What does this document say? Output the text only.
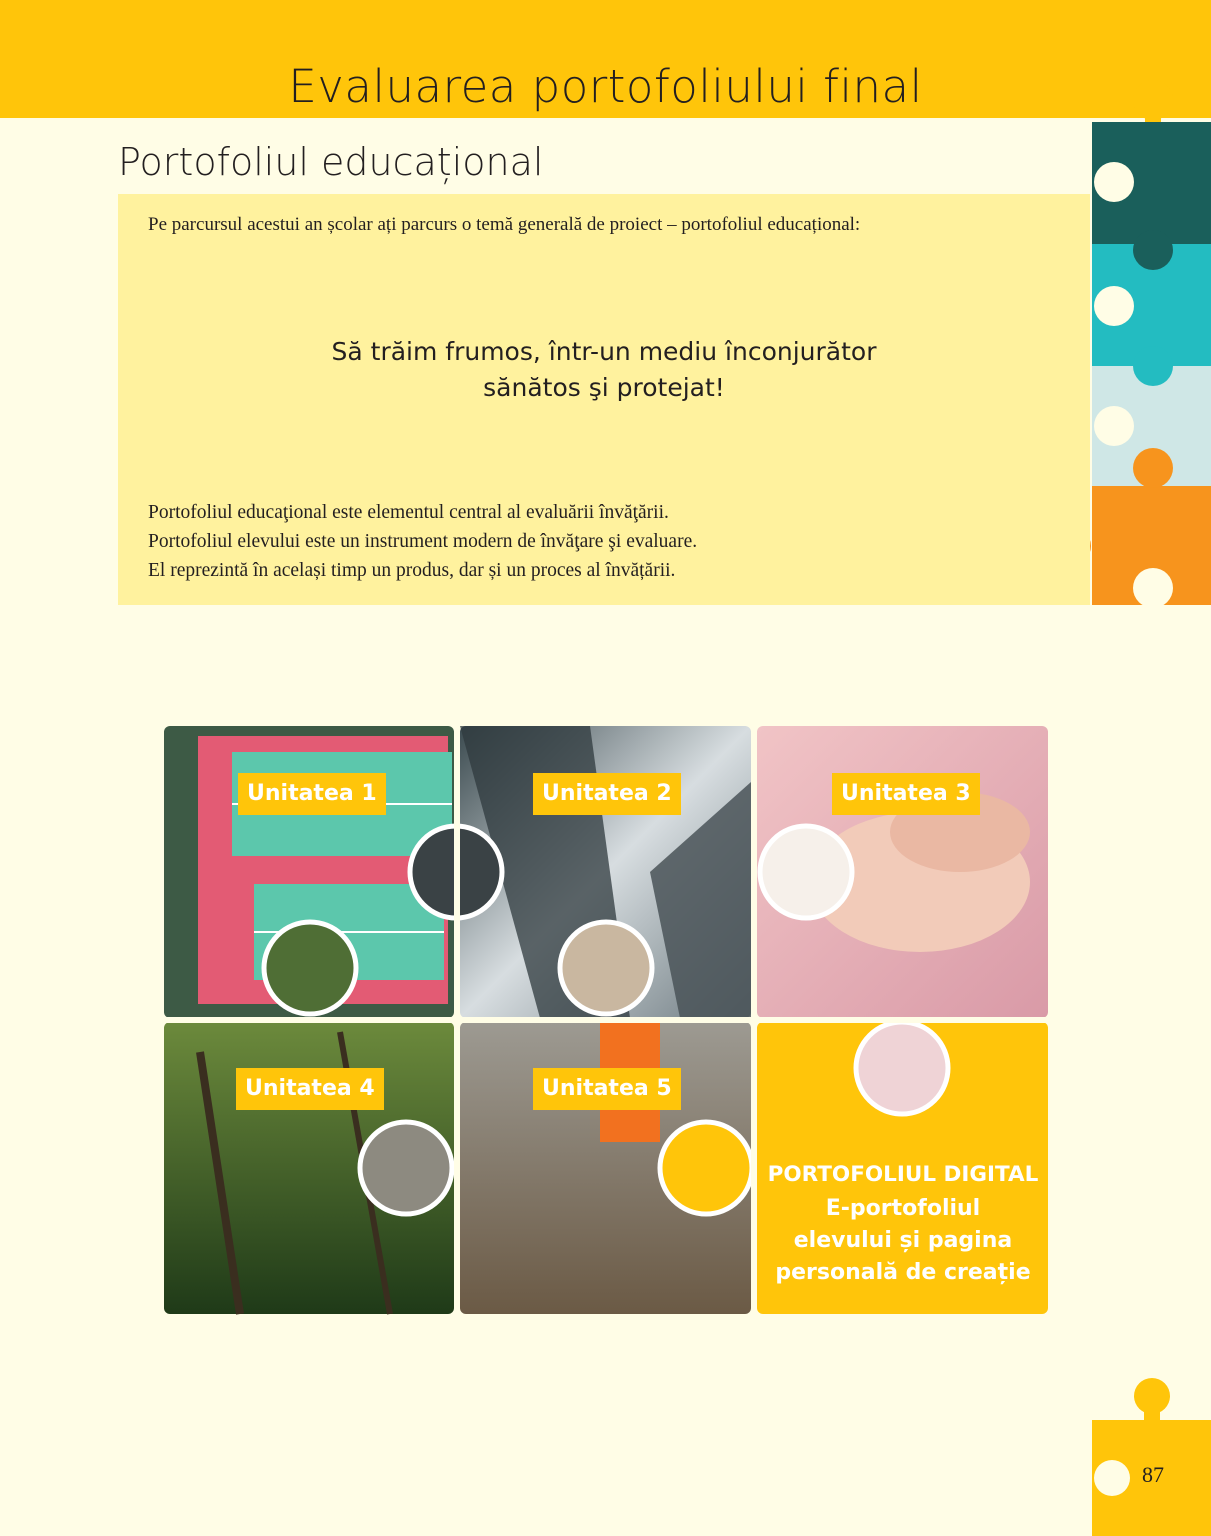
Evaluarea portofoliului final
Portofoliul educațional

Pe parcursul acestui an școlar ați parcurs o temă generală de proiect – portofoliul educațional:

Să trăim frumos, într-un mediu înconjurător
sănătos şi protejat!

Portofoliul educaţional este elementul central al evaluării învăţării.
Portofoliul elevului este un instrument modern de învăţare şi evaluare.
El reprezintă în același timp un produs, dar și un proces al învățării.

Unitatea 1	Unitatea 2	Unitatea 3
Unitatea 4	Unitatea 5
PORTOFOLIUL DIGITAL
E-portofoliul
elevului și pagina
personală de creație
87
